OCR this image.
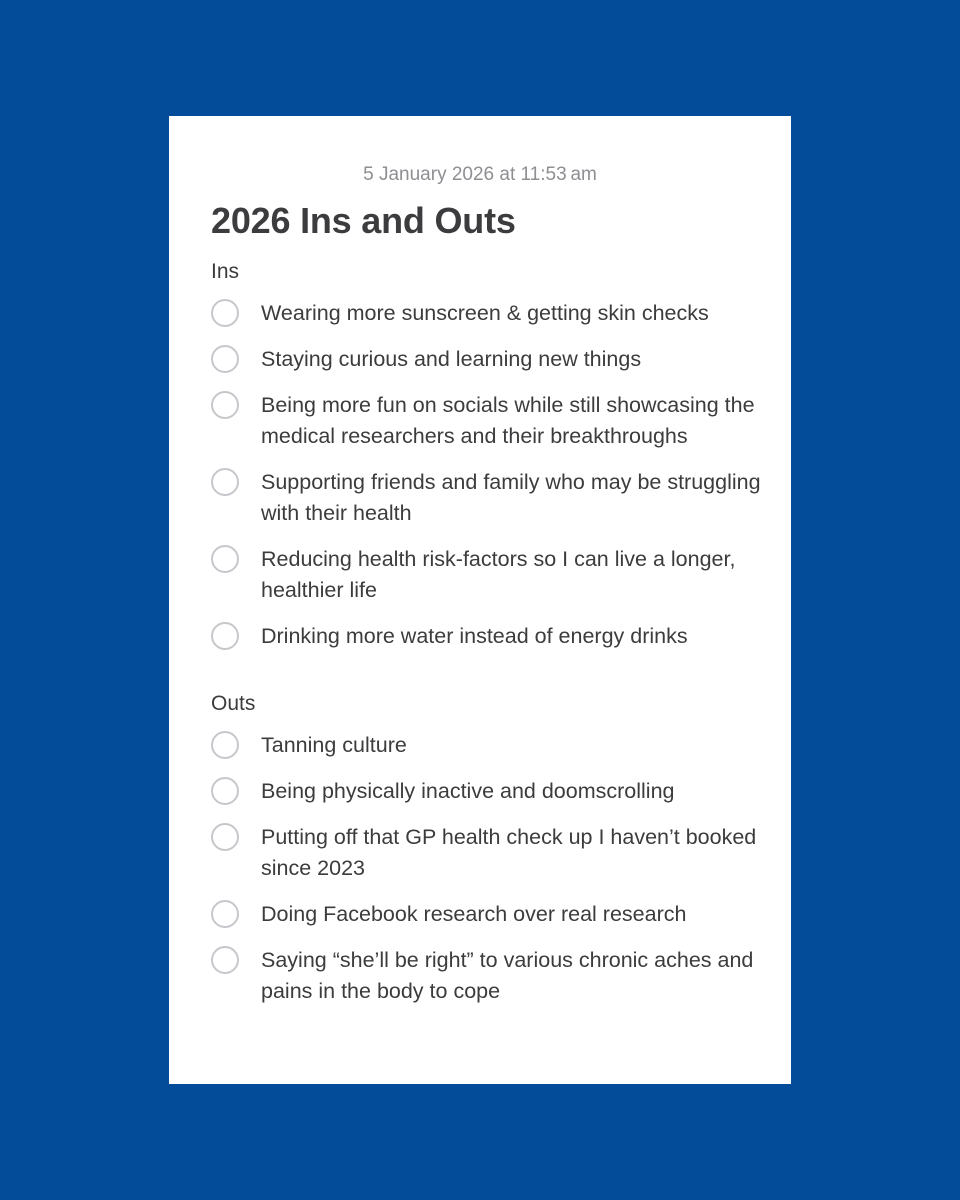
5 January 2026 at 11:53 am
2026 Ins and Outs
Ins
Wearing more sunscreen & getting skin checks
Staying curious and learning new things
Being more fun on socials while still showcasing the medical researchers and their breakthroughs
Supporting friends and family who may be struggling with their health
Reducing health risk-factors so I can live a longer, healthier life
Drinking more water instead of energy drinks
Outs
Tanning culture
Being physically inactive and doomscrolling
Putting off that GP health check up I haven’t booked since 2023
Doing Facebook research over real research
Saying “she’ll be right” to various chronic aches and pains in the body to cope
